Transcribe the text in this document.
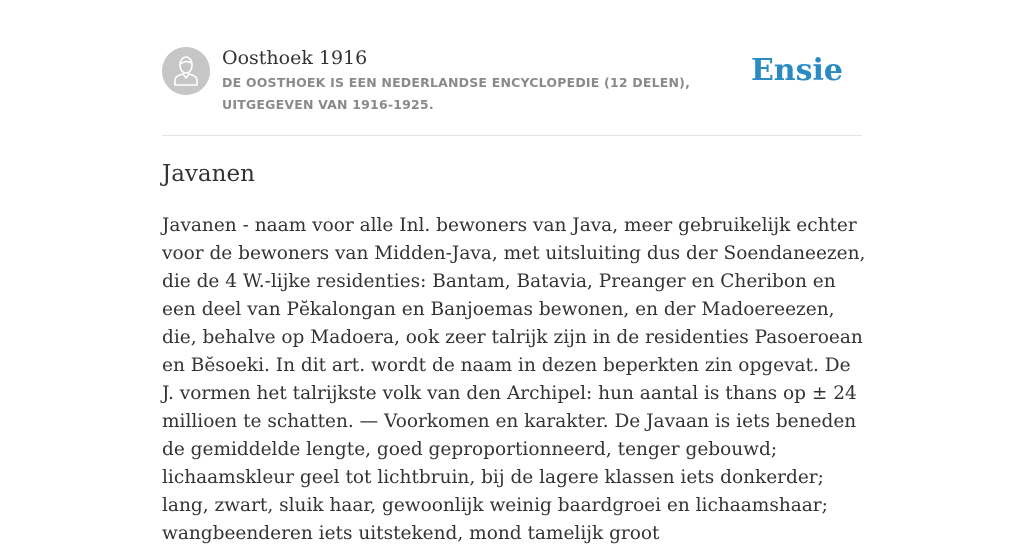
Oosthoek 1916
DE OOSTHOEK IS EEN NEDERLANDSE ENCYCLOPEDIE (12 DELEN), UITGEGEVEN VAN 1916-1925.
Ensie
Javanen

Javanen - naam voor alle Inl. bewoners van Java, meer gebruikelijk echter voor de bewoners van Midden-Java, met uitsluiting dus der Soendaneezen, die de 4 W.-lijke residenties: Bantam, Batavia, Preanger en Cheribon en een deel van Pĕkalongan en Banjoemas bewonen, en der Madoereezen, die, behalve op Madoera, ook zeer talrijk zijn in de residenties Pasoeroean en Bĕsoeki. In dit art. wordt de naam in dezen beperkten zin opgevat. De J. vormen het talrijkste volk van den Archipel: hun aantal is thans op ± 24 millioen te schatten. — Voorkomen en karakter. De Javaan is iets beneden de gemiddelde lengte, goed geproportionneerd, tenger gebouwd; lichaamskleur geel tot lichtbruin, bij de lagere klassen iets donkerder; lang, zwart, sluik haar, gewoonlijk weinig baardgroei en lichaamshaar; wangbeenderen iets uitstekend, mond tamelijk groot
